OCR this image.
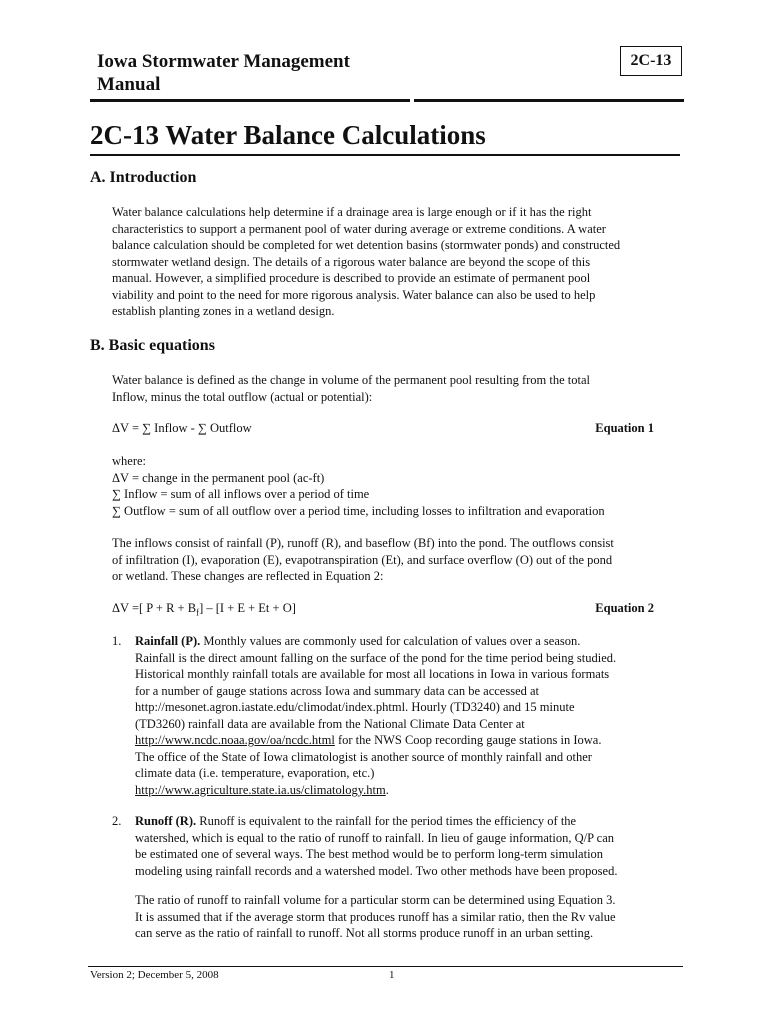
Iowa Stormwater Management Manual
2C-13
2C-13 Water Balance Calculations
A. Introduction
Water balance calculations help determine if a drainage area is large enough or if it has the right
characteristics to support a permanent pool of water during average or extreme conditions. A water
balance calculation should be completed for wet detention basins (stormwater ponds) and constructed
stormwater wetland design. The details of a rigorous water balance are beyond the scope of this
manual. However, a simplified procedure is described to provide an estimate of permanent pool
viability and point to the need for more rigorous analysis. Water balance can also be used to help
establish planting zones in a wetland design.
B. Basic equations
Water balance is defined as the change in volume of the permanent pool resulting from the total
Inflow, minus the total outflow (actual or potential):
ΔV = ∑ Inflow - ∑ Outflow	Equation 1
where:
ΔV = change in the permanent pool (ac-ft)
∑ Inflow = sum of all inflows over a period of time
∑ Outflow = sum of all outflow over a period time, including losses to infiltration and evaporation
The inflows consist of rainfall (P), runoff (R), and baseflow (Bf) into the pond. The outflows consist
of infiltration (I), evaporation (E), evapotranspiration (Et), and surface overflow (O) out of the pond
or wetland. These changes are reflected in Equation 2:
ΔV =[ $P + R + B_f] - [I + E + Et + O]$	Equation 2
1. Rainfall (P). Monthly values are commonly used for calculation of values over a season.
Rainfall is the direct amount falling on the surface of the pond for the time period being studied.
Historical monthly rainfall totals are available for most all locations in Iowa in various formats
for a number of gauge stations across Iowa and summary data can be accessed at
http://mesonet.agron.iastate.edu/climodat/index.phtml. Hourly (TD3240) and 15 minute
(TD3260) rainfall data are available from the National Climate Data Center at
http://www.ncdc.noaa.gov/oa/ncdc.html for the NWS Coop recording gauge stations in Iowa.
The office of the State of Iowa climatologist is another source of monthly rainfall and other
climate data (i.e. temperature, evaporation, etc.)
http://www.agriculture.state.ia.us/climatology.htm.
2. Runoff (R). Runoff is equivalent to the rainfall for the period times the efficiency of the
watershed, which is equal to the ratio of runoff to rainfall. In lieu of gauge information, Q/P can
be estimated one of several ways. The best method would be to perform long-term simulation
modeling using rainfall records and a watershed model. Two other methods have been proposed.
The ratio of runoff to rainfall volume for a particular storm can be determined using Equation 3.
It is assumed that if the average storm that produces runoff has a similar ratio, then the Rv value
can serve as the ratio of rainfall to runoff. Not all storms produce runoff in an urban setting.
Version 2; December 5, 2008	1
